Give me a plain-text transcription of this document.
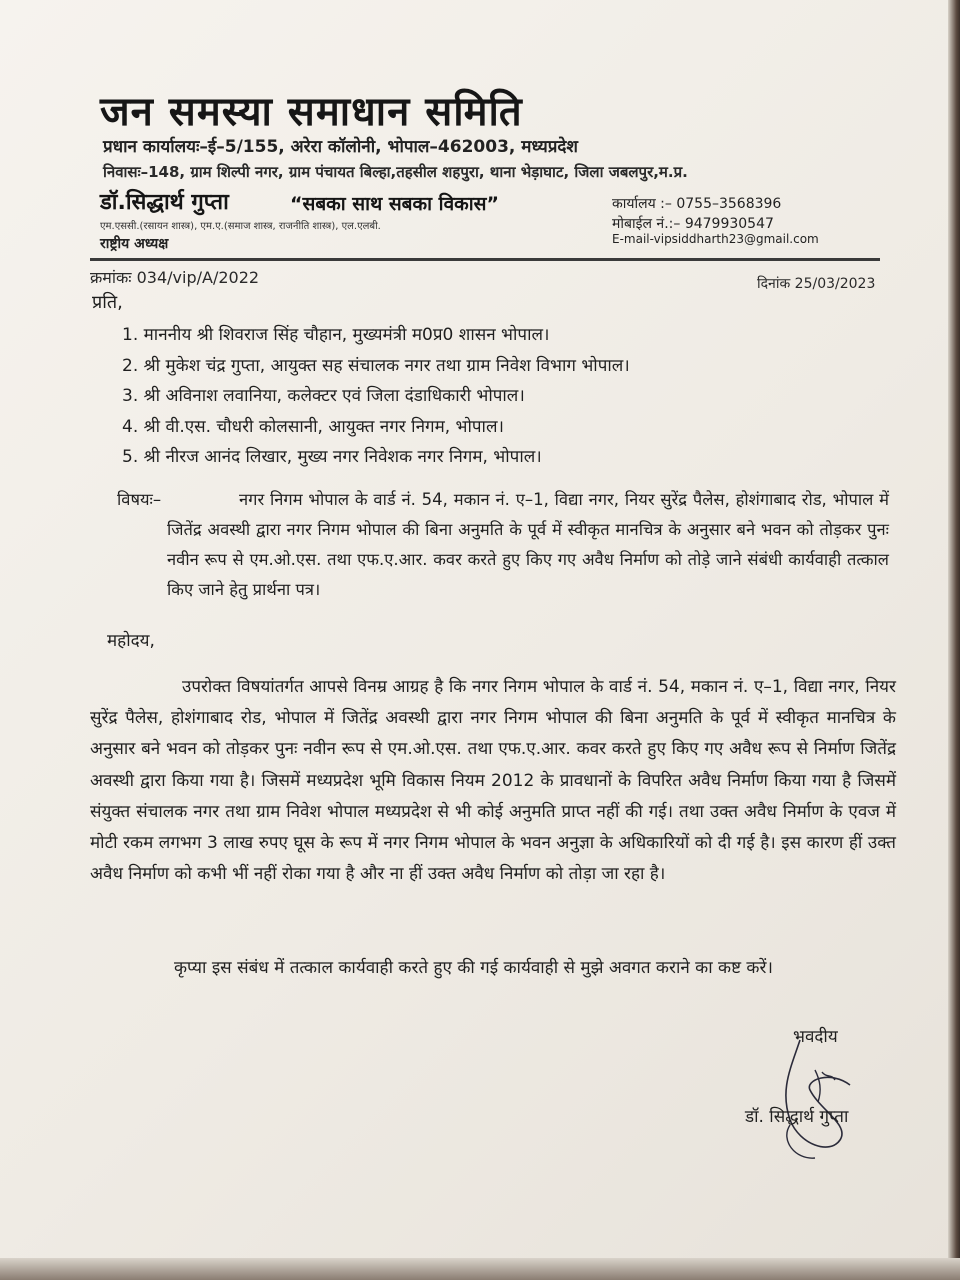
जन समस्या समाधान समिति
प्रधान कार्यालयः–ई–5/155, अरेरा कॉलोनी, भोपाल–462003, मध्यप्रदेश
निवासः–148, ग्राम शिल्पी नगर, ग्राम पंचायत बिल्हा,तहसील शहपुरा, थाना भेड़ाघाट, जिला जबलपुर,म.प्र.
डॉ.सिद्धार्थ गुप्ता	“सबका साथ सबका विकास”	कार्यालय :– 0755–3568396
मोबाईल नं.:– 9479930547
E-mail-vipsiddharth23@gmail.com
एम.एससी.(रसायन शास्त्र), एम.ए.(समाज शास्त्र, राजनीति शास्त्र), एल.एलबी.
राष्ट्रीय अध्यक्ष
क्रमांकः 034/vip/A/2022	दिनांक 25/03/2023
प्रति,
1. माननीय श्री शिवराज सिंह चौहान, मुख्यमंत्री म0प्र0 शासन भोपाल।
2. श्री मुकेश चंद्र गुप्ता, आयुक्त सह संचालक नगर तथा ग्राम निवेश विभाग भोपाल।
3. श्री अविनाश लवानिया, कलेक्टर एवं जिला दंडाधिकारी भोपाल।
4. श्री वी.एस. चौधरी कोलसानी, आयुक्त नगर निगम, भोपाल।
5. श्री नीरज आनंद लिखार, मुख्य नगर निवेशक नगर निगम, भोपाल।
विषयः–	नगर निगम भोपाल के वार्ड नं. 54, मकान नं. ए–1, विद्या नगर, नियर सुरेंद्र पैलेस, होशंगाबाद रोड, भोपाल में जितेंद्र अवस्थी द्वारा नगर निगम भोपाल की बिना अनुमति के पूर्व में स्वीकृत मानचित्र के अनुसार बने भवन को तोड़कर पुनः नवीन रूप से एम.ओ.एस. तथा एफ.ए.आर. कवर करते हुए किए गए अवैध निर्माण को तोड़े जाने संबंधी कार्यवाही तत्काल किए जाने हेतु प्रार्थना पत्र।
महोदय,
उपरोक्त विषयांतर्गत आपसे विनम्र आग्रह है कि नगर निगम भोपाल के वार्ड नं. 54, मकान नं. ए–1, विद्या नगर, नियर सुरेंद्र पैलेस, होशंगाबाद रोड, भोपाल में जितेंद्र अवस्थी द्वारा नगर निगम भोपाल की बिना अनुमति के पूर्व में स्वीकृत मानचित्र के अनुसार बने भवन को तोड़कर पुनः नवीन रूप से एम.ओ.एस. तथा एफ.ए.आर. कवर करते हुए किए गए अवैध रूप से निर्माण जितेंद्र अवस्थी द्वारा किया गया है। जिसमें मध्यप्रदेश भूमि विकास नियम 2012 के प्रावधानों के विपरित अवैध निर्माण किया गया है जिसमें संयुक्त संचालक नगर तथा ग्राम निवेश भोपाल मध्यप्रदेश से भी कोई अनुमति प्राप्त नहीं की गई। तथा उक्त अवैध निर्माण के एवज में मोटी रकम लगभग 3 लाख रुपए घूस के रूप में नगर निगम भोपाल के भवन अनुज्ञा के अधिकारियों को दी गई है। इस कारण हीं उक्त अवैध निर्माण को कभी भीं नहीं रोका गया है और ना हीं उक्त अवैध निर्माण को तोड़ा जा रहा है।
कृप्या इस संबंध में तत्काल कार्यवाही करते हुए की गई कार्यवाही से मुझे अवगत कराने का कष्ट करें।
भवदीय
डॉ. सिद्धार्थ गुप्ता
